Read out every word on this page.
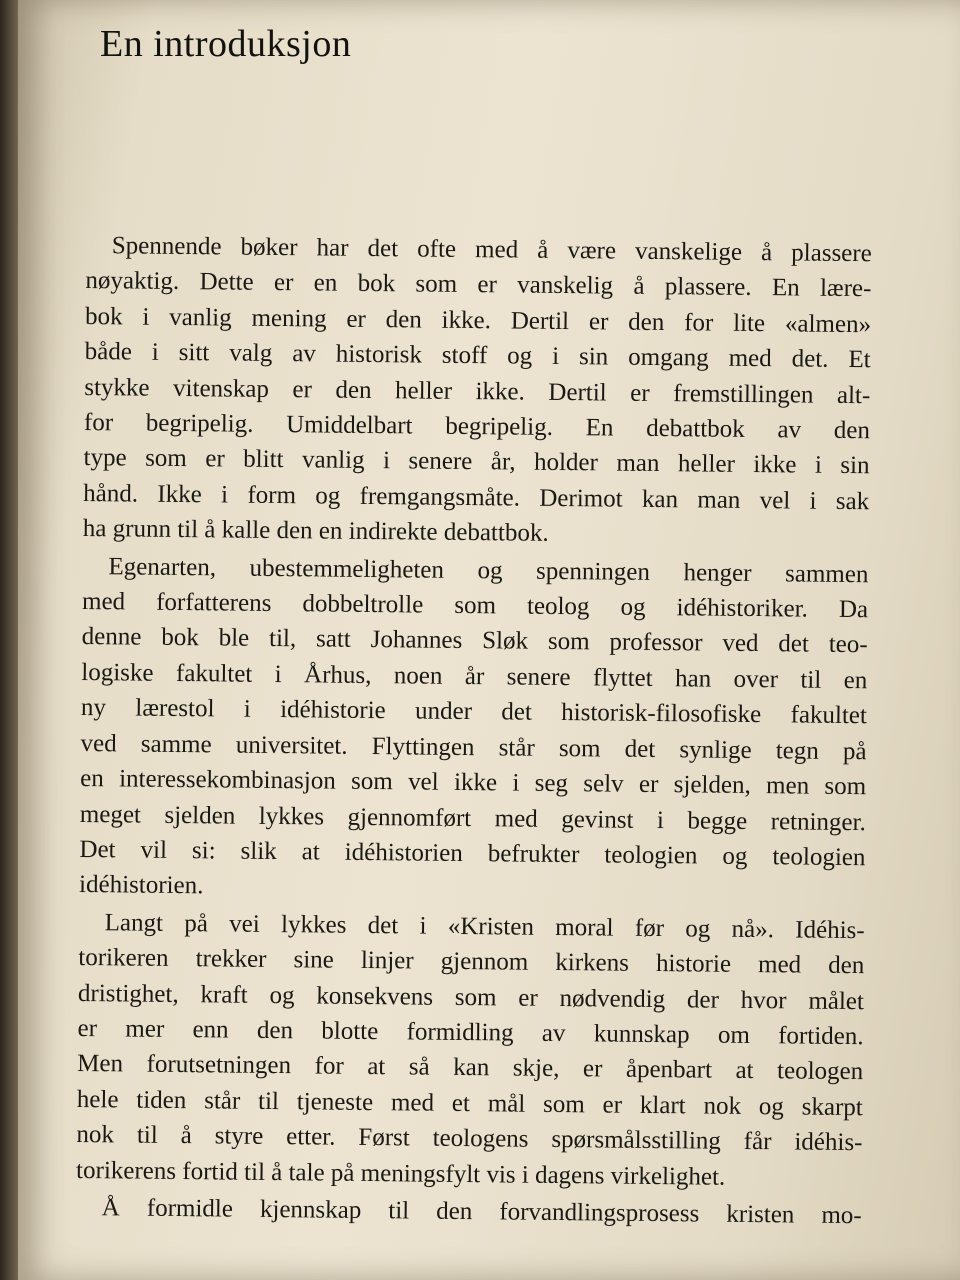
En introduksjon
Spennende bøker har det ofte med å være vanskelige å plassere
nøyaktig. Dette er en bok som er vanskelig å plassere. En lære-
bok i vanlig mening er den ikke. Dertil er den for lite «almen»
både i sitt valg av historisk stoff og i sin omgang med det. Et
stykke vitenskap er den heller ikke. Dertil er fremstillingen alt-
for begripelig. Umiddelbart begripelig. En debattbok av den
type som er blitt vanlig i senere år, holder man heller ikke i sin
hånd. Ikke i form og fremgangsmåte. Derimot kan man vel i sak
ha grunn til å kalle den en indirekte debattbok.
Egenarten, ubestemmeligheten og spenningen henger sammen
med forfatterens dobbeltrolle som teolog og idéhistoriker. Da
denne bok ble til, satt Johannes Sløk som professor ved det teo-
logiske fakultet i Århus, noen år senere flyttet han over til en
ny lærestol i idéhistorie under det historisk-filosofiske fakultet
ved samme universitet. Flyttingen står som det synlige tegn på
en interessekombinasjon som vel ikke i seg selv er sjelden, men som
meget sjelden lykkes gjennomført med gevinst i begge retninger.
Det vil si: slik at idéhistorien befrukter teologien og teologien
idéhistorien.
Langt på vei lykkes det i «Kristen moral før og nå». Idéhis-
torikeren trekker sine linjer gjennom kirkens historie med den
dristighet, kraft og konsekvens som er nødvendig der hvor målet
er mer enn den blotte formidling av kunnskap om fortiden.
Men forutsetningen for at så kan skje, er åpenbart at teologen
hele tiden står til tjeneste med et mål som er klart nok og skarpt
nok til å styre etter. Først teologens spørsmålsstilling får idéhis-
torikerens fortid til å tale på meningsfylt vis i dagens virkelighet.
Å formidle kjennskap til den forvandlingsprosess kristen mo-
